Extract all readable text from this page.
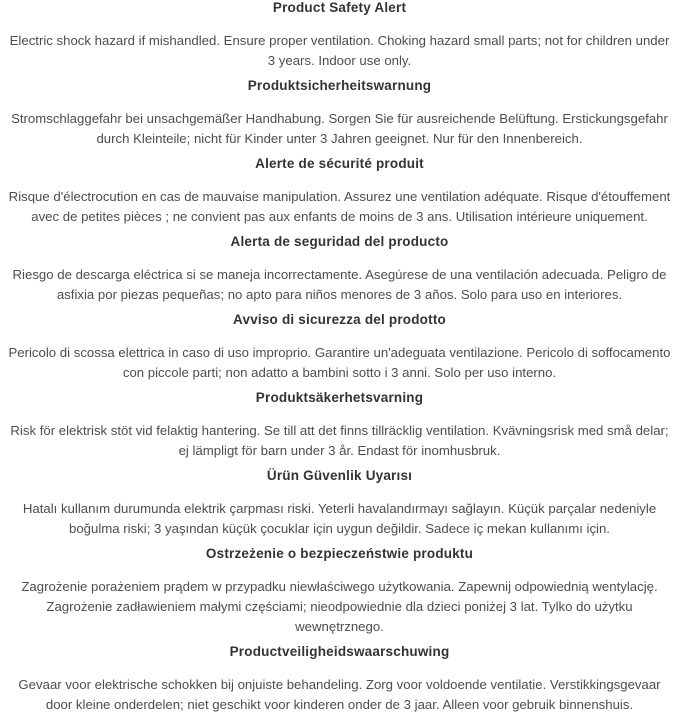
Product Safety Alert

Electric shock hazard if mishandled. Ensure proper ventilation. Choking hazard small parts; not for children under 3 years. Indoor use only.

Produktsicherheitswarnung

Stromschlaggefahr bei unsachgemäßer Handhabung. Sorgen Sie für ausreichende Belüftung. Erstickungsgefahr durch Kleinteile; nicht für Kinder unter 3 Jahren geeignet. Nur für den Innenbereich.

Alerte de sécurité produit

Risque d'électrocution en cas de mauvaise manipulation. Assurez une ventilation adéquate. Risque d'étouffement avec de petites pièces ; ne convient pas aux enfants de moins de 3 ans. Utilisation intérieure uniquement.

Alerta de seguridad del producto

Riesgo de descarga eléctrica si se maneja incorrectamente. Asegúrese de una ventilación adecuada. Peligro de asfixia por piezas pequeñas; no apto para niños menores de 3 años. Solo para uso en interiores.

Avviso di sicurezza del prodotto

Pericolo di scossa elettrica in caso di uso improprio. Garantire un'adeguata ventilazione. Pericolo di soffocamento con piccole parti; non adatto a bambini sotto i 3 anni. Solo per uso interno.

Produktsäkerhetsvarning

Risk för elektrisk stöt vid felaktig hantering. Se till att det finns tillräcklig ventilation. Kvävningsrisk med små delar; ej lämpligt för barn under 3 år. Endast för inomhusbruk.

Ürün Güvenlik Uyarısı

Hatalı kullanım durumunda elektrik çarpması riski. Yeterli havalandırmayı sağlayın. Küçük parçalar nedeniyle boğulma riski; 3 yaşından küçük çocuklar için uygun değildir. Sadece iç mekan kullanımı için.

Ostrzeżenie o bezpieczeństwie produktu

Zagrożenie porażeniem prądem w przypadku niewłaściwego użytkowania. Zapewnij odpowiednią wentylację. Zagrożenie zadławieniem małymi częściami; nieodpowiednie dla dzieci poniżej 3 lat. Tylko do użytku wewnętrznego.

Productveiligheidswaarschuwing

Gevaar voor elektrische schokken bij onjuiste behandeling. Zorg voor voldoende ventilatie. Verstikkingsgevaar door kleine onderdelen; niet geschikt voor kinderen onder de 3 jaar. Alleen voor gebruik binnenshuis.
